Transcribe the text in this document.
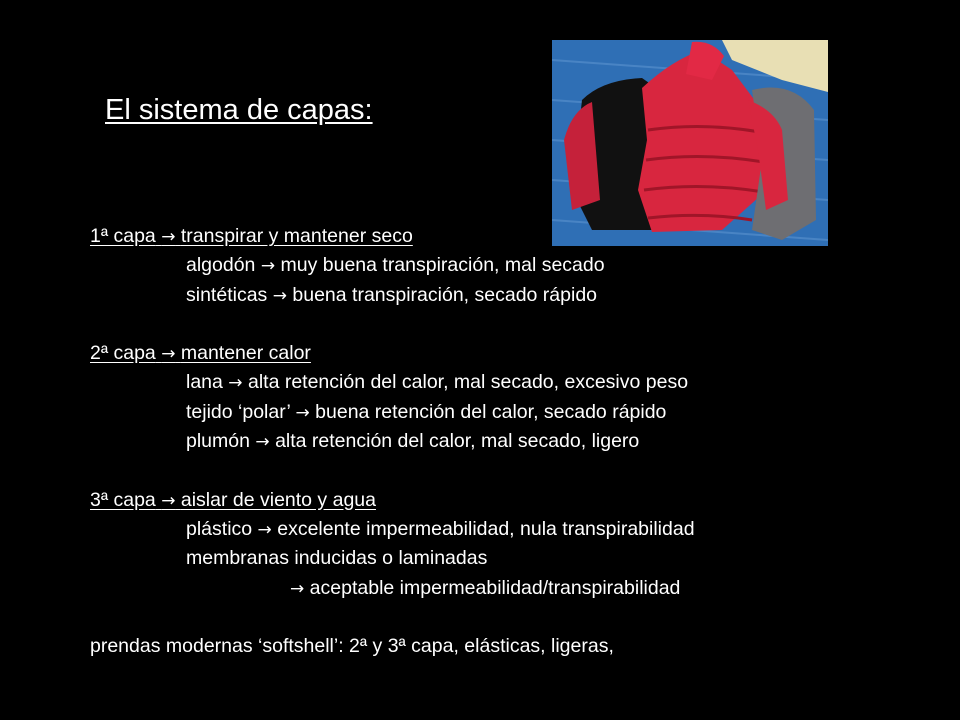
El sistema de capas:
1ª capa → transpirar y mantener seco
algodón → muy buena transpiración, mal secado
sintéticas → buena transpiración, secado rápido
2ª capa → mantener calor
lana → alta retención del calor, mal secado, excesivo peso
tejido ‘polar’ → buena retención del calor, secado rápido
plumón → alta retención del calor, mal secado, ligero
3ª capa → aislar de viento y agua
plástico → excelente impermeabilidad, nula transpirabilidad
membranas inducidas o laminadas
→ aceptable impermeabilidad/transpirabilidad
prendas modernas ‘softshell’: 2ª y 3ª capa, elásticas, ligeras,
